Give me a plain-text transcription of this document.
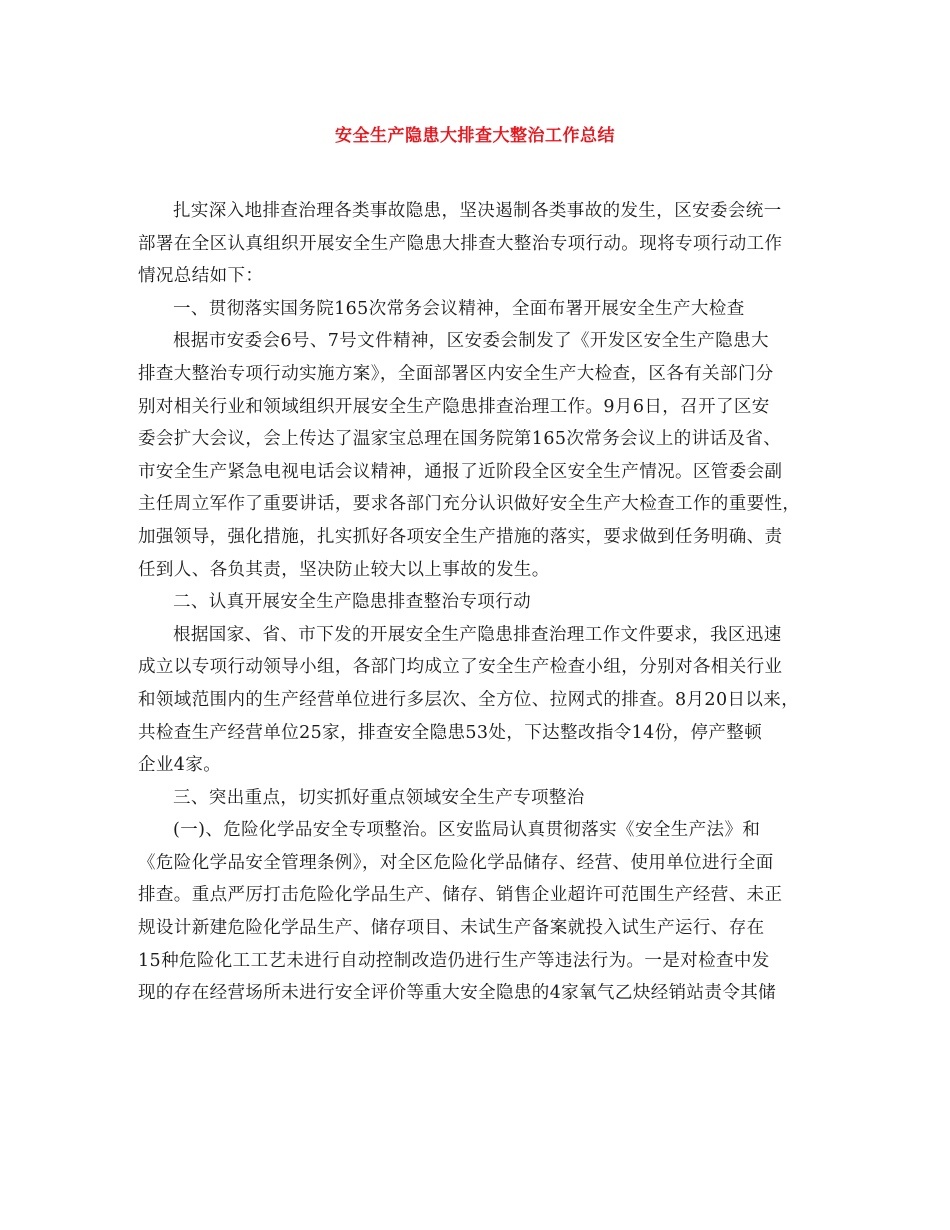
安全生产隐患大排查大整治工作总结
扎实深入地排查治理各类事故隐患，坚决遏制各类事故的发生，区安委会统一
部署在全区认真组织开展安全生产隐患大排查大整治专项行动。现将专项行动工作
情况总结如下：
一、贯彻落实国务院165次常务会议精神，全面布署开展安全生产大检查
根据市安委会6号、7号文件精神，区安委会制发了《开发区安全生产隐患大
排查大整治专项行动实施方案》，全面部署区内安全生产大检查，区各有关部门分
别对相关行业和领域组织开展安全生产隐患排查治理工作。9月6日，召开了区安
委会扩大会议，会上传达了温家宝总理在国务院第165次常务会议上的讲话及省、
市安全生产紧急电视电话会议精神，通报了近阶段全区安全生产情况。区管委会副
主任周立军作了重要讲话，要求各部门充分认识做好安全生产大检查工作的重要性，
加强领导，强化措施，扎实抓好各项安全生产措施的落实，要求做到任务明确、责
任到人、各负其责，坚决防止较大以上事故的发生。
二、认真开展安全生产隐患排查整治专项行动
根据国家、省、市下发的开展安全生产隐患排查治理工作文件要求，我区迅速
成立以专项行动领导小组，各部门均成立了安全生产检查小组，分别对各相关行业
和领域范围内的生产经营单位进行多层次、全方位、拉网式的排查。8月20日以来，
共检查生产经营单位25家，排查安全隐患53处，下达整改指令14份，停产整顿
企业4家。
三、突出重点，切实抓好重点领域安全生产专项整治
(一)、危险化学品安全专项整治。区安监局认真贯彻落实《安全生产法》和
《危险化学品安全管理条例》，对全区危险化学品储存、经营、使用单位进行全面
排查。重点严厉打击危险化学品生产、储存、销售企业超许可范围生产经营、未正
规设计新建危险化学品生产、储存项目、未试生产备案就投入试生产运行、存在
15种危险化工工艺未进行自动控制改造仍进行生产等违法行为。一是对检查中发
现的存在经营场所未进行安全评价等重大安全隐患的4家氧气乙炔经销站责令其储
